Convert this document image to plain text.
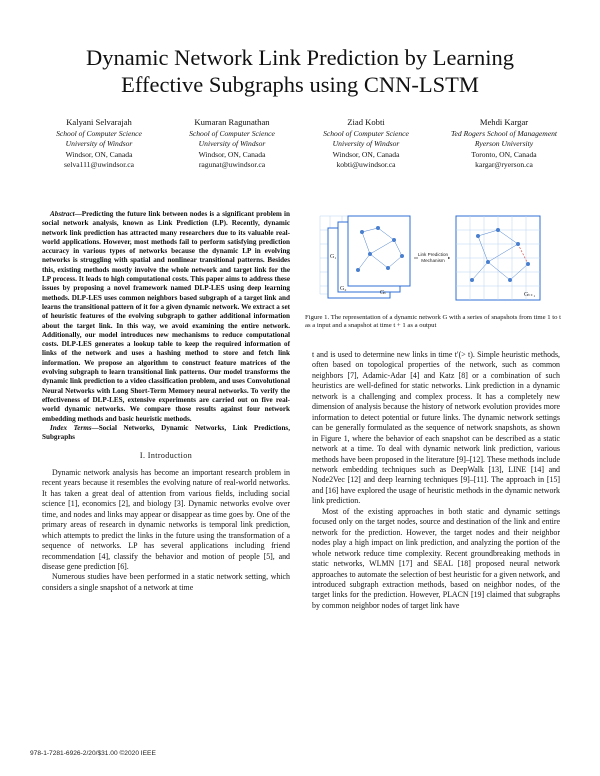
Dynamic Network Link Prediction by Learning
Effective Subgraphs using CNN-LSTM
Kalyani Selvarajah
School of Computer Science
University of Windsor
Windsor, ON, Canada
selva111@uwindsor.ca
Kumaran Ragunathan
School of Computer Science
University of Windsor
Windsor, ON, Canada
ragunat@uwindsor.ca
Ziad Kobti
School of Computer Science
University of Windsor
Windsor, ON, Canada
kobti@uwindsor.ca
Mehdi Kargar
Ted Rogers School of Management
Ryerson University
Toronto, ON, Canada
kargar@ryerson.ca

Abstract—Predicting the future link between nodes is a significant problem in social network analysis, known as Link Prediction (LP). Recently, dynamic network link prediction has attracted many researchers due to its valuable real-world applications. However, most methods fail to perform satisfying prediction accuracy in various types of networks because the dynamic LP in evolving networks is struggling with spatial and nonlinear transitional patterns. Besides this, existing methods mostly involve the whole network and target link for the LP process. It leads to high computational costs. This paper aims to address these issues by proposing a novel framework named DLP-LES using deep learning methods. DLP-LES uses common neighbors based subgraph of a target link and learns the transitional pattern of it for a given dynamic network. We extract a set of heuristic features of the evolving subgraph to gather additional information about the target link. In this way, we avoid examining the entire network. Additionally, our model introduces new mechanisms to reduce computational costs. DLP-LES generates a lookup table to keep the required information of links of the network and uses a hashing method to store and fetch link information. We propose an algorithm to construct feature matrices of the evolving subgraph to learn transitional link patterns. Our model transforms the dynamic link prediction to a video classification problem, and uses Convolutional Neural Networks with Long Short-Term Memory neural networks. To verify the effectiveness of DLP-LES, extensive experiments are carried out on five real-world dynamic networks. We compare those results against four network embedding methods and basic heuristic methods.

Index Terms—Social Networks, Dynamic Networks, Link Predictions, Subgraphs

I. Introduction

Dynamic network analysis has become an important research problem in recent years because it resembles the evolving nature of real-world networks. It has taken a great deal of attention from various fields, including social science [1], economics [2], and biology [3]. Dynamic networks evolve over time, and nodes and links may appear or disappear as time goes by. One of the primary areas of research in dynamic networks is temporal link prediction, which attempts to predict the links in the future using the transformation of a sequence of networks. LP has several applications including friend recommendation [4], classify the behavior and motion of people [5], and disease gene prediction [6].

Numerous studies have been performed in a static network setting, which considers a single snapshot of a network at time

G₁
G₂
Gₜ
Link Prediction
Mechanism
Gₜ₊₁
Figure 1. The representation of a dynamic network G with a series of snapshots from time 1 to t as a input and a snapshot at time t + 1 as a output

t and is used to determine new links in time t′(> t). Simple heuristic methods, often based on topological properties of the network, such as common neighbors [7], Adamic-Adar [4] and Katz [8] or a combination of such heuristics are well-defined for static networks. Link prediction in a dynamic network is a challenging and complex process. It has a completely new dimension of analysis because the history of network evolution provides more information to detect potential or future links. The dynamic network settings can be generally formulated as the sequence of network snapshots, as shown in Figure 1, where the behavior of each snapshot can be described as a static network at a time. To deal with dynamic network link prediction, various methods have been proposed in the literature [9]–[12]. These methods include network embedding techniques such as DeepWalk [13], LINE [14] and Node2Vec [12] and deep learning techniques [9]–[11]. The approach in [15] and [16] have explored the usage of heuristic methods in the dynamic network link prediction.

Most of the existing approaches in both static and dynamic settings focused only on the target nodes, source and destination of the link and entire network for the prediction. However, the target nodes and their neighbor nodes play a high impact on link prediction, and analyzing the portion of the whole network reduce time complexity. Recent groundbreaking methods in static networks, WLMN [17] and SEAL [18] proposed neural network approaches to automate the selection of best heuristic for a given network, and introduced subgraph extraction methods, based on neighbor nodes, of the target links for the prediction. However, PLACN [19] claimed that subgraphs by common neighbor nodes of target link have

978-1-7281-6926-2/20/$31.00 ©2020 IEEE
